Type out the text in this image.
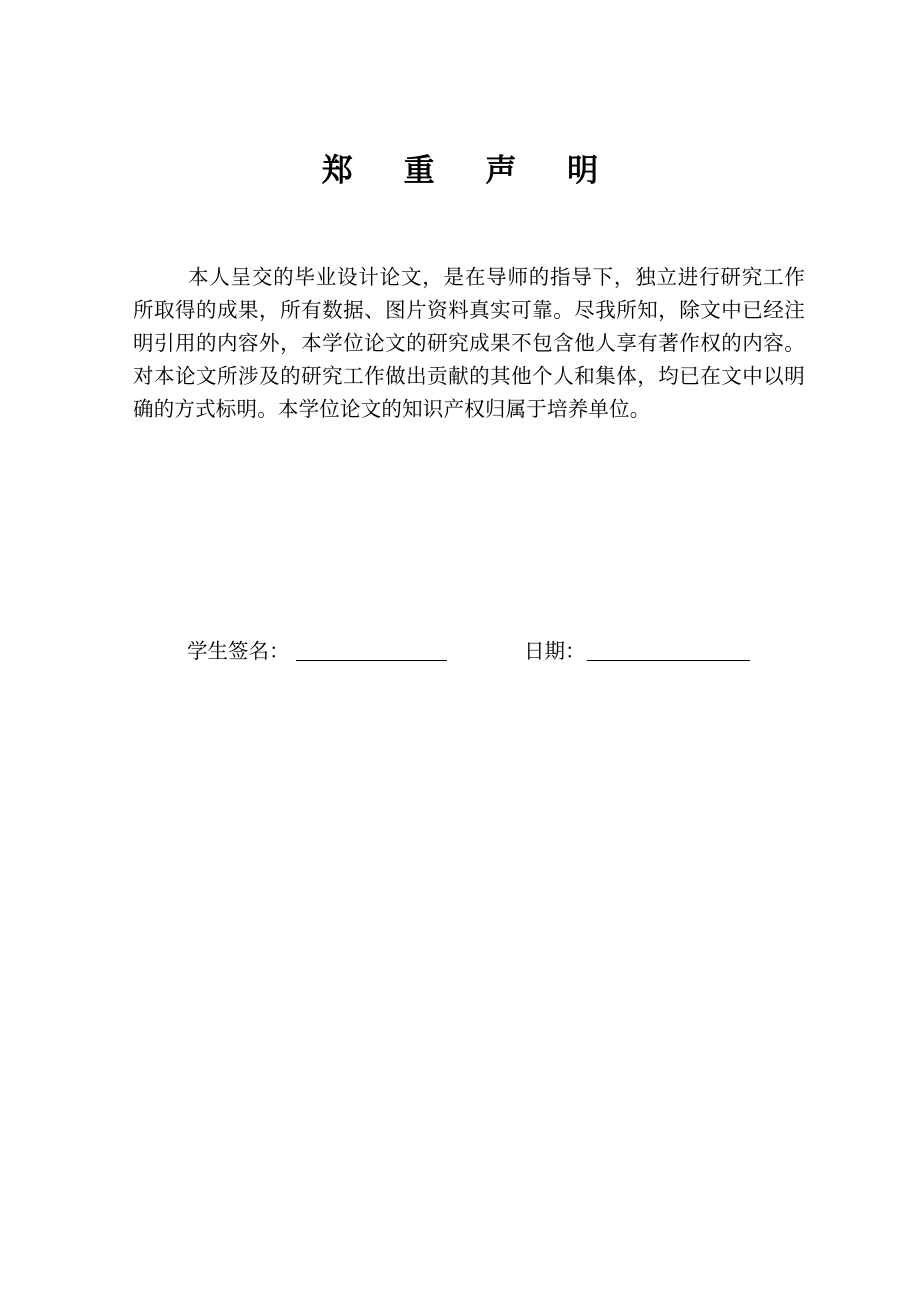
郑 重 声 明

本人呈交的毕业设计论文，是在导师的指导下，独立进行研究工作所取得的成果，所有数据、图片资料真实可靠。尽我所知，除文中已经注明引用的内容外，本学位论文的研究成果不包含他人享有著作权的内容。对本论文所涉及的研究工作做出贡献的其他个人和集体，均已在文中以明确的方式标明。本学位论文的知识产权归属于培养单位。

学生签名：	日期：
